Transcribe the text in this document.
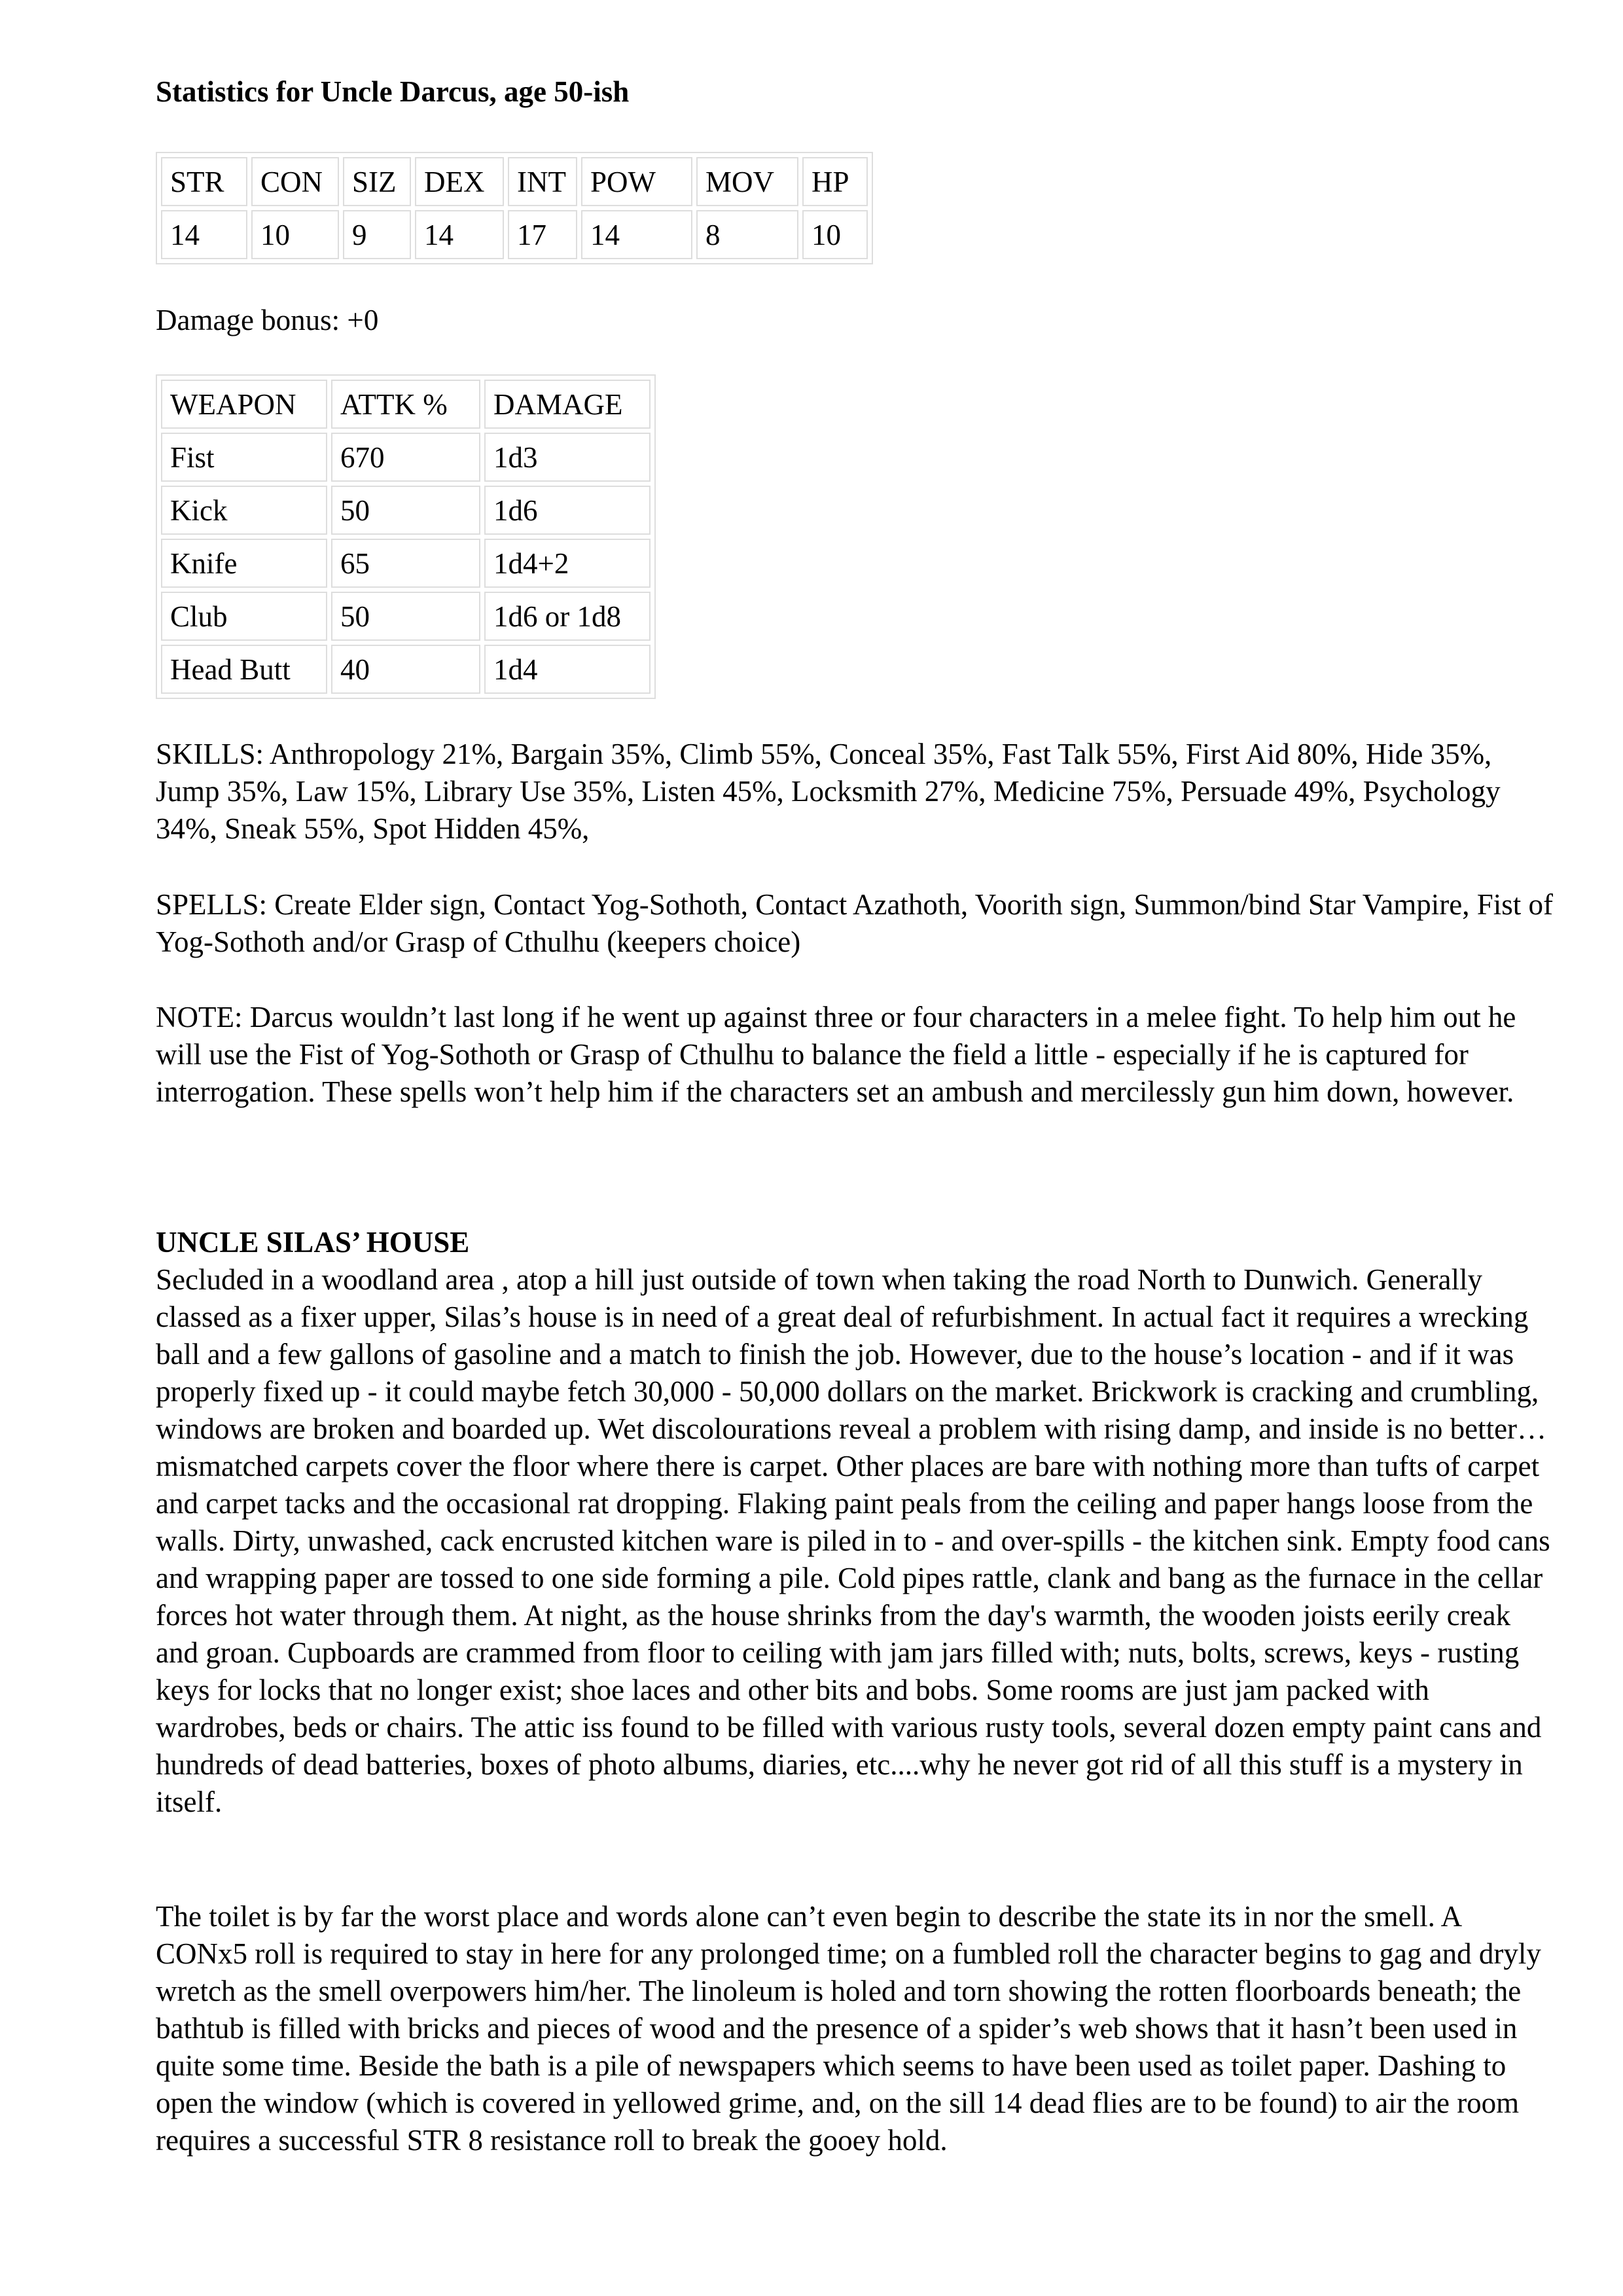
Statistics for Uncle Darcus, age 50-ish
STR	CON	SIZ	DEX	INT	POW	MOV	HP
14	10	9	14	17	14	8	10

Damage bonus: +0

WEAPON	ATTK %	DAMAGE
Fist	670	1d3
Kick	50	1d6
Knife	65	1d4+2
Club	50	1d6 or 1d8
Head Butt	40	1d4

SKILLS: Anthropology 21%, Bargain 35%, Climb 55%, Conceal 35%, Fast Talk 55%, First Aid 80%, Hide 35%, Jump 35%, Law 15%, Library Use 35%, Listen 45%, Locksmith 27%, Medicine 75%, Persuade 49%, Psychology 34%, Sneak 55%, Spot Hidden 45%,

SPELLS: Create Elder sign, Contact Yog-Sothoth, Contact Azathoth, Voorith sign, Summon/bind Star Vampire, Fist of Yog-Sothoth and/or Grasp of Cthulhu (keepers choice)

NOTE: Darcus wouldn’t last long if he went up against three or four characters in a melee fight. To help him out he will use the Fist of Yog-Sothoth or Grasp of Cthulhu to balance the field a little - especially if he is captured for interrogation. These spells won’t help him if the characters set an ambush and mercilessly gun him down, however.

UNCLE SILAS’ HOUSE

Secluded in a woodland area , atop a hill just outside of town when taking the road North to Dunwich. Generally classed as a fixer upper, Silas’s house is in need of a great deal of refurbishment. In actual fact it requires a wrecking ball and a few gallons of gasoline and a match to finish the job. However, due to the house’s location - and if it was properly fixed up - it could maybe fetch 30,000 - 50,000 dollars on the market. Brickwork is cracking and crumbling, windows are broken and boarded up. Wet discolourations reveal a problem with rising damp, and inside is no better…mismatched carpets cover the floor where there is carpet. Other places are bare with nothing more than tufts of carpet and carpet tacks and the occasional rat dropping. Flaking paint peals from the ceiling and paper hangs loose from the walls. Dirty, unwashed, cack encrusted kitchen ware is piled in to - and over-spills - the kitchen sink. Empty food cans and wrapping paper are tossed to one side forming a pile. Cold pipes rattle, clank and bang as the furnace in the cellar forces hot water through them. At night, as the house shrinks from the day's warmth, the wooden joists eerily creak and groan. Cupboards are crammed from floor to ceiling with jam jars filled with; nuts, bolts, screws, keys - rusting keys for locks that no longer exist; shoe laces and other bits and bobs. Some rooms are just jam packed with wardrobes, beds or chairs. The attic iss found to be filled with various rusty tools, several dozen empty paint cans and hundreds of dead batteries, boxes of photo albums, diaries, etc....why he never got rid of all this stuff is a mystery in itself.

The toilet is by far the worst place and words alone can’t even begin to describe the state its in nor the smell. A CONx5 roll is required to stay in here for any prolonged time; on a fumbled roll the character begins to gag and dryly wretch as the smell overpowers him/her. The linoleum is holed and torn showing the rotten floorboards beneath; the bathtub is filled with bricks and pieces of wood and the presence of a spider’s web shows that it hasn’t been used in quite some time. Beside the bath is a pile of newspapers which seems to have been used as toilet paper. Dashing to open the window (which is covered in yellowed grime, and, on the sill 14 dead flies are to be found) to air the room requires a successful STR 8 resistance roll to break the gooey hold.
